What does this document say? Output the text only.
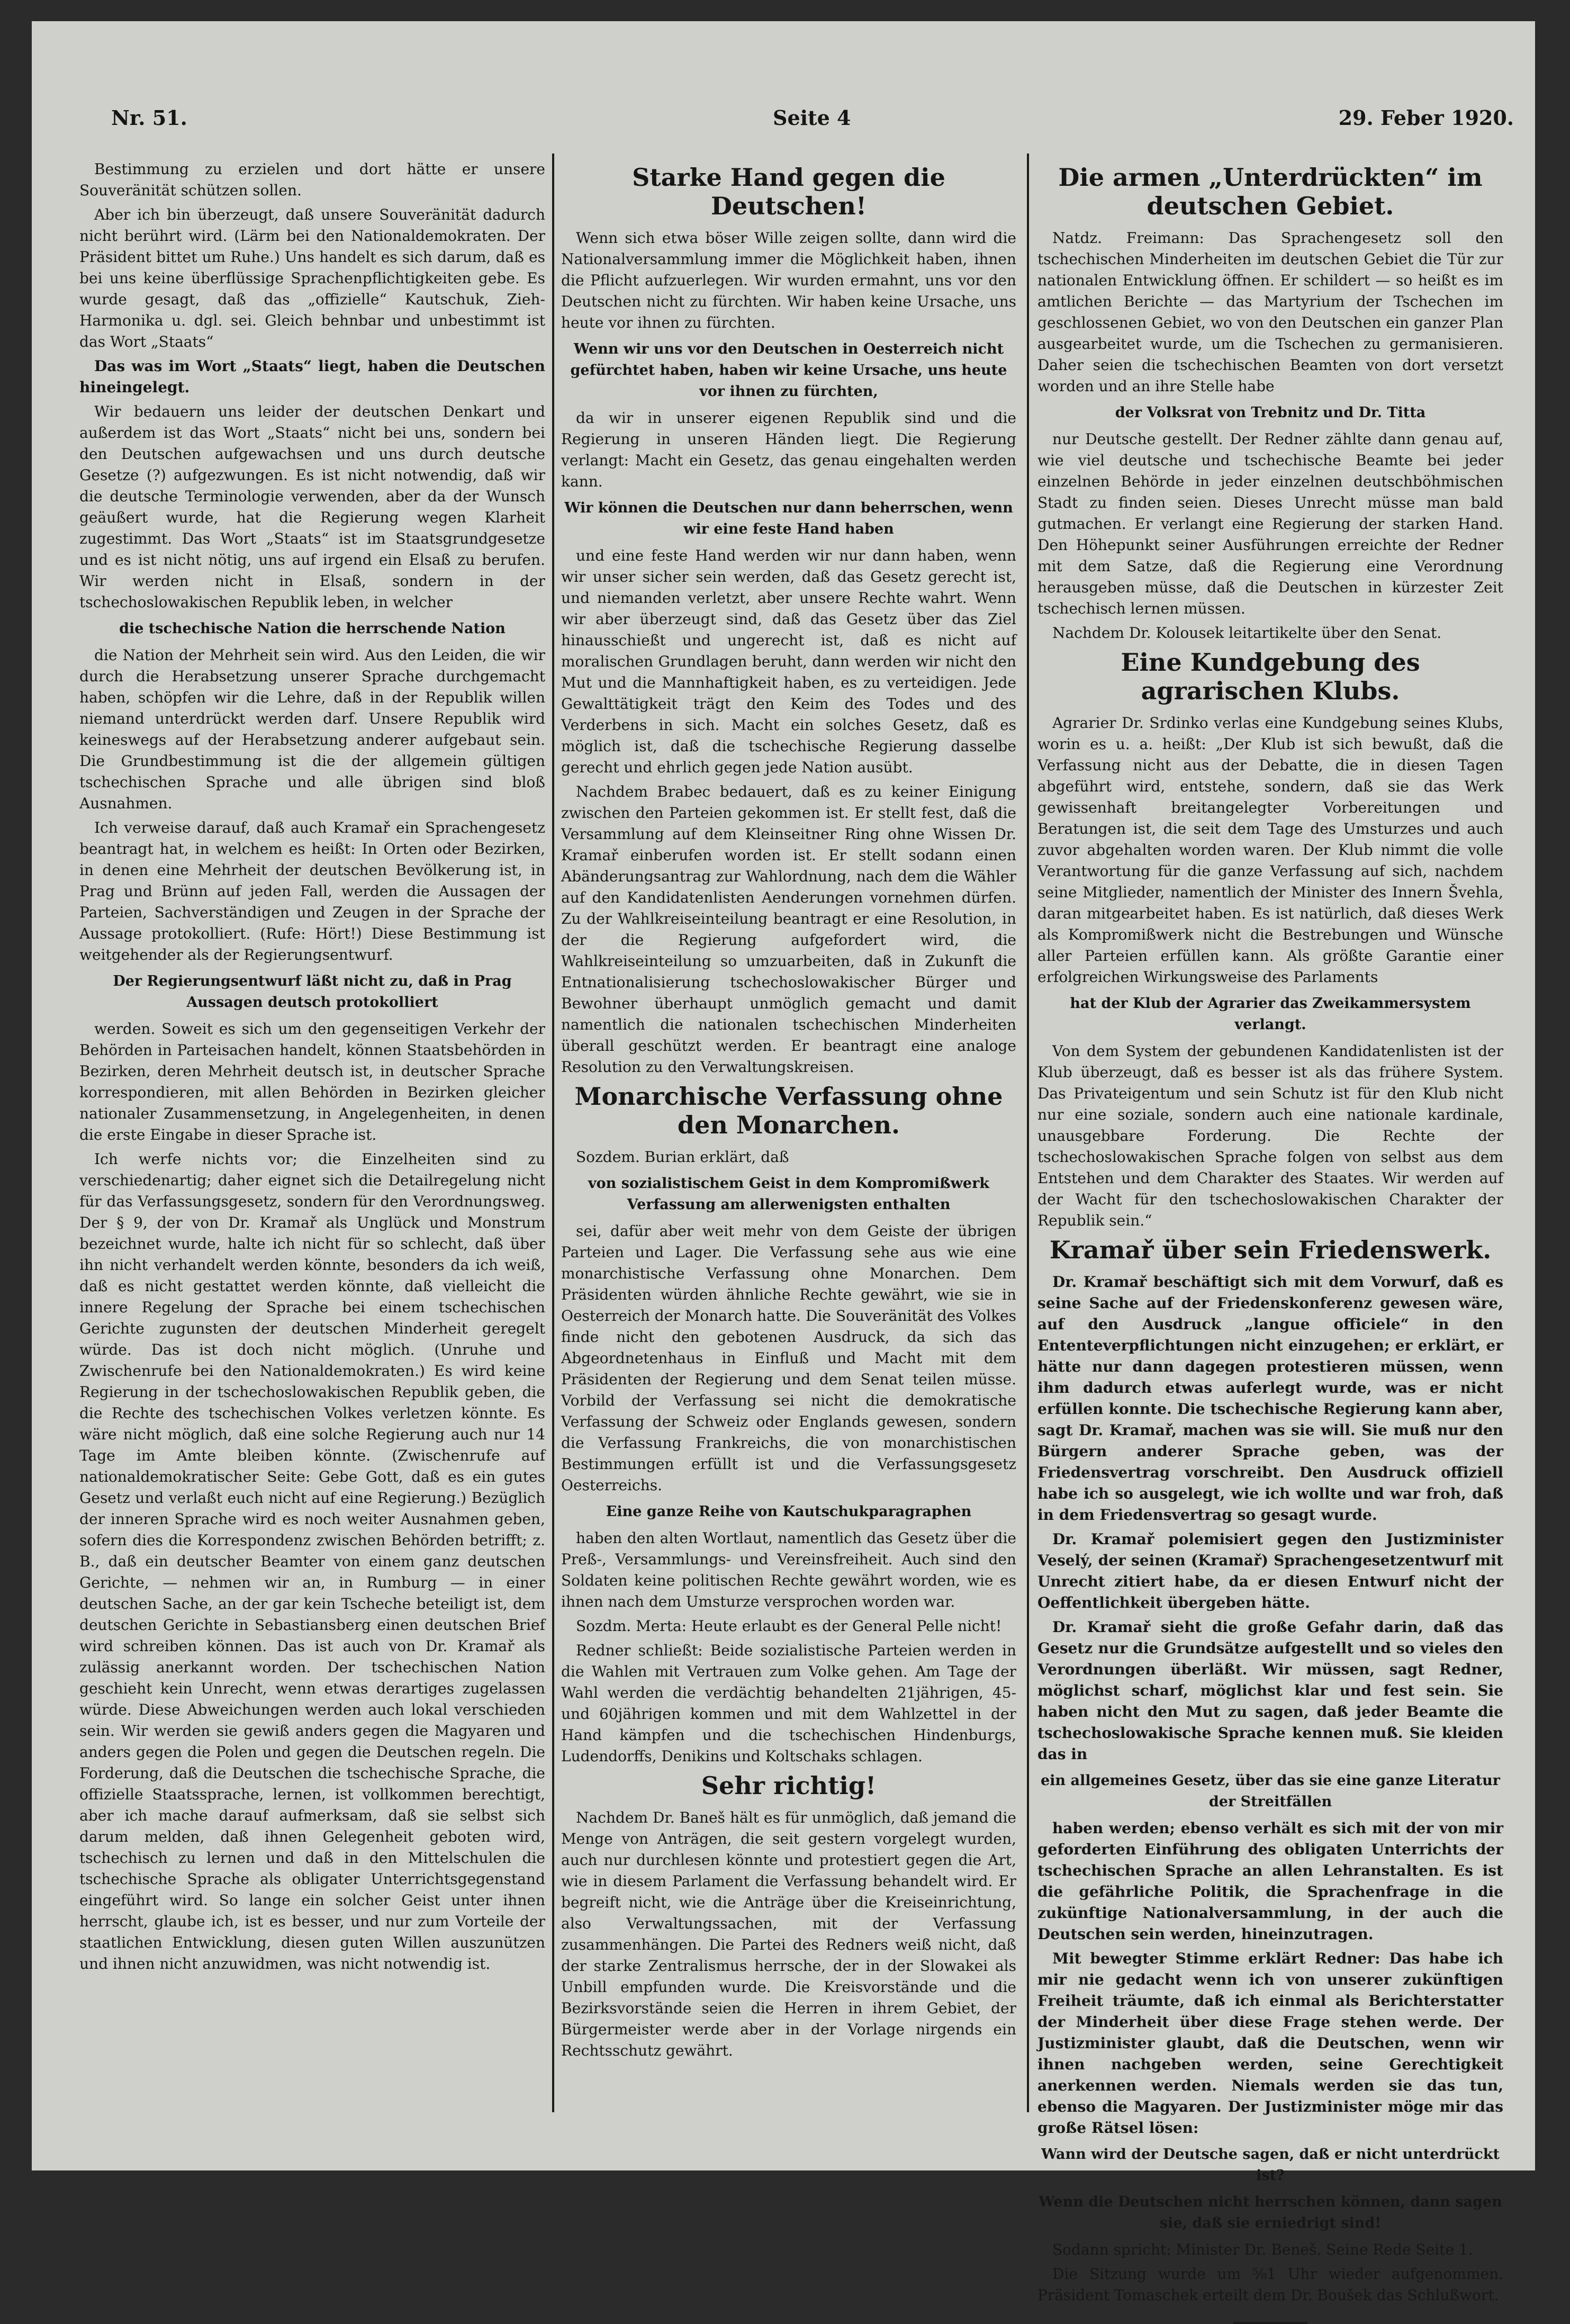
Nr. 51.	Seite 4	29. Feber 1920.

Bestimmung zu erzielen und dort hätte er unsere Souveränität schützen sollen.

Aber ich bin überzeugt, daß unsere Souveränität dadurch nicht berührt wird. (Lärm bei den Nationaldemokraten. Der Präsident bittet um Ruhe.) Uns handelt es sich darum, daß es bei uns keine überflüssige Sprachenpflichtigkeiten gebe. Es wurde gesagt, daß das „offizielle“ Kautschuk, Zieh-Harmonika u. dgl. sei. Gleich behnbar und unbestimmt ist das Wort „Staats“

Das was im Wort „Staats“ liegt, haben die Deutschen hineingelegt.

Wir bedauern uns leider der deutschen Denkart und außerdem ist das Wort „Staats“ nicht bei uns, sondern bei den Deutschen aufgewachsen und uns durch deutsche Gesetze (?) aufgezwungen. Es ist nicht notwendig, daß wir die deutsche Terminologie verwenden, aber da der Wunsch geäußert wurde, hat die Regierung wegen Klarheit zugestimmt. Das Wort „Staats“ ist im Staatsgrundgesetze und es ist nicht nötig, uns auf irgend ein Elsaß zu berufen. Wir werden nicht in Elsaß, sondern in der tschechoslowakischen Republik leben, in welcher

die tschechische Nation die herrschende Nation

die Nation der Mehrheit sein wird. Aus den Leiden, die wir durch die Herabsetzung unserer Sprache durchgemacht haben, schöpfen wir die Lehre, daß in der Republik willen niemand unterdrückt werden darf. Unsere Republik wird keineswegs auf der Herabsetzung anderer aufgebaut sein. Die Grundbestimmung ist die der allgemein gültigen tschechischen Sprache und alle übrigen sind bloß Ausnahmen.

Ich verweise darauf, daß auch Kramař ein Sprachengesetz beantragt hat, in welchem es heißt: In Orten oder Bezirken, in denen eine Mehrheit der deutschen Bevölkerung ist, in Prag und Brünn auf jeden Fall, werden die Aussagen der Parteien, Sachverständigen und Zeugen in der Sprache der Aussage protokolliert. (Rufe: Hört!) Diese Bestimmung ist weitgehender als der Regierungsentwurf.

Der Regierungsentwurf läßt nicht zu, daß in Prag Aussagen deutsch protokolliert

werden. Soweit es sich um den gegenseitigen Verkehr der Behörden in Parteisachen handelt, können Staatsbehörden in Bezirken, deren Mehrheit deutsch ist, in deutscher Sprache korrespondieren, mit allen Behörden in Bezirken gleicher nationaler Zusammensetzung, in Angelegenheiten, in denen die erste Eingabe in dieser Sprache ist.

Ich werfe nichts vor; die Einzelheiten sind zu verschiedenartig; daher eignet sich die Detailregelung nicht für das Verfassungsgesetz, sondern für den Verordnungsweg. Der § 9, der von Dr. Kramař als Unglück und Monstrum bezeichnet wurde, halte ich nicht für so schlecht, daß über ihn nicht verhandelt werden könnte, besonders da ich weiß, daß es nicht gestattet werden könnte, daß vielleicht die innere Regelung der Sprache bei einem tschechischen Gerichte zugunsten der deutschen Minderheit geregelt würde. Das ist doch nicht möglich. (Unruhe und Zwischenrufe bei den Nationaldemokraten.) Es wird keine Regierung in der tschechoslowakischen Republik geben, die die Rechte des tschechischen Volkes verletzen könnte. Es wäre nicht möglich, daß eine solche Regierung auch nur 14 Tage im Amte bleiben könnte. (Zwischenrufe auf nationaldemokratischer Seite: Gebe Gott, daß es ein gutes Gesetz und verlaßt euch nicht auf eine Regierung.) Bezüglich der inneren Sprache wird es noch weiter Ausnahmen geben, sofern dies die Korrespondenz zwischen Behörden betrifft; z. B., daß ein deutscher Beamter von einem ganz deutschen Gerichte, — nehmen wir an, in Rumburg — in einer deutschen Sache, an der gar kein Tscheche beteiligt ist, dem deutschen Gerichte in Sebastiansberg einen deutschen Brief wird schreiben können. Das ist auch von Dr. Kramař als zulässig anerkannt worden. Der tschechischen Nation geschieht kein Unrecht, wenn etwas derartiges zugelassen würde. Diese Abweichungen werden auch lokal verschieden sein. Wir werden sie gewiß anders gegen die Magyaren und anders gegen die Polen und gegen die Deutschen regeln. Die Forderung, daß die Deutschen die tschechische Sprache, die offizielle Staatssprache, lernen, ist vollkommen berechtigt, aber ich mache darauf aufmerksam, daß sie selbst sich darum melden, daß ihnen Gelegenheit geboten wird, tschechisch zu lernen und daß in den Mittelschulen die tschechische Sprache als obligater Unterrichtsgegenstand eingeführt wird. So lange ein solcher Geist unter ihnen herrscht, glaube ich, ist es besser, und nur zum Vorteile der staatlichen Entwicklung, diesen guten Willen auszunützen und ihnen nicht anzuwidmen, was nicht notwendig ist.

Starke Hand gegen die Deutschen!

Wenn sich etwa böser Wille zeigen sollte, dann wird die Nationalversammlung immer die Möglichkeit haben, ihnen die Pflicht aufzuerlegen. Wir wurden ermahnt, uns vor den Deutschen nicht zu fürchten. Wir haben keine Ursache, uns heute vor ihnen zu fürchten.

Wenn wir uns vor den Deutschen in Oesterreich nicht gefürchtet haben, haben wir keine Ursache, uns heute vor ihnen zu fürchten,

da wir in unserer eigenen Republik sind und die Regierung in unseren Händen liegt. Die Regierung verlangt: Macht ein Gesetz, das genau eingehalten werden kann.

Wir können die Deutschen nur dann beherrschen, wenn wir eine feste Hand haben

und eine feste Hand werden wir nur dann haben, wenn wir unser sicher sein werden, daß das Gesetz gerecht ist, und niemanden verletzt, aber unsere Rechte wahrt. Wenn wir aber überzeugt sind, daß das Gesetz über das Ziel hinausschießt und ungerecht ist, daß es nicht auf moralischen Grundlagen beruht, dann werden wir nicht den Mut und die Mannhaftigkeit haben, es zu verteidigen. Jede Gewalttätigkeit trägt den Keim des Todes und des Verderbens in sich. Macht ein solches Gesetz, daß es möglich ist, daß die tschechische Regierung dasselbe gerecht und ehrlich gegen jede Nation ausübt.

Nachdem Brabec bedauert, daß es zu keiner Einigung zwischen den Parteien gekommen ist. Er stellt fest, daß die Versammlung auf dem Kleinseitner Ring ohne Wissen Dr. Kramař einberufen worden ist. Er stellt sodann einen Abänderungsantrag zur Wahlordnung, nach dem die Wähler auf den Kandidatenlisten Aenderungen vornehmen dürfen. Zu der Wahlkreiseinteilung beantragt er eine Resolution, in der die Regierung aufgefordert wird, die Wahlkreiseinteilung so umzuarbeiten, daß in Zukunft die Entnationalisierung tschechoslowakischer Bürger und Bewohner überhaupt unmöglich gemacht und damit namentlich die nationalen tschechischen Minderheiten überall geschützt werden. Er beantragt eine analoge Resolution zu den Verwaltungskreisen.

Monarchische Verfassung ohne den Monarchen.

Sozdem. Burian erklärt, daß

von sozialistischem Geist in dem Kompromißwerk Verfassung am allerwenigsten enthalten

sei, dafür aber weit mehr von dem Geiste der übrigen Parteien und Lager. Die Verfassung sehe aus wie eine monarchistische Verfassung ohne Monarchen. Dem Präsidenten würden ähnliche Rechte gewährt, wie sie in Oesterreich der Monarch hatte. Die Souveränität des Volkes finde nicht den gebotenen Ausdruck, da sich das Abgeordnetenhaus in Einfluß und Macht mit dem Präsidenten der Regierung und dem Senat teilen müsse. Vorbild der Verfassung sei nicht die demokratische Verfassung der Schweiz oder Englands gewesen, sondern die Verfassung Frankreichs, die von monarchistischen Bestimmungen erfüllt ist und die Verfassungsgesetz Oesterreichs.

Eine ganze Reihe von Kautschukparagraphen

haben den alten Wortlaut, namentlich das Gesetz über die Preß-, Versammlungs- und Vereinsfreiheit. Auch sind den Soldaten keine politischen Rechte gewährt worden, wie es ihnen nach dem Umsturze versprochen worden war.

Sozdm. Merta: Heute erlaubt es der General Pelle nicht!

Redner schließt: Beide sozialistische Parteien werden in die Wahlen mit Vertrauen zum Volke gehen. Am Tage der Wahl werden die verdächtig behandelten 21jährigen, 45- und 60jährigen kommen und mit dem Wahlzettel in der Hand kämpfen und die tschechischen Hindenburgs, Ludendorffs, Denikins und Koltschaks schlagen.

Sehr richtig!

Nachdem Dr. Baneš hält es für unmöglich, daß jemand die Menge von Anträgen, die seit gestern vorgelegt wurden, auch nur durchlesen könnte und protestiert gegen die Art, wie in diesem Parlament die Verfassung behandelt wird. Er begreift nicht, wie die Anträge über die Kreiseinrichtung, also Verwaltungssachen, mit der Verfassung zusammenhängen. Die Partei des Redners weiß nicht, daß der starke Zentralismus herrsche, der in der Slowakei als Unbill empfunden wurde. Die Kreisvorstände und die Bezirksvorstände seien die Herren in ihrem Gebiet, der Bürgermeister werde aber in der Vorlage nirgends ein Rechtsschutz gewährt.

Die armen „Unterdrückten“ im deutschen Gebiet.

Natdz. Freimann: Das Sprachengesetz soll den tschechischen Minderheiten im deutschen Gebiet die Tür zur nationalen Entwicklung öffnen. Er schildert — so heißt es im amtlichen Berichte — das Martyrium der Tschechen im geschlossenen Gebiet, wo von den Deutschen ein ganzer Plan ausgearbeitet wurde, um die Tschechen zu germanisieren. Daher seien die tschechischen Beamten von dort versetzt worden und an ihre Stelle habe

der Volksrat von Trebnitz und Dr. Titta

nur Deutsche gestellt. Der Redner zählte dann genau auf, wie viel deutsche und tschechische Beamte bei jeder einzelnen Behörde in jeder einzelnen deutschböhmischen Stadt zu finden seien. Dieses Unrecht müsse man bald gutmachen. Er verlangt eine Regierung der starken Hand. Den Höhepunkt seiner Ausführungen erreichte der Redner mit dem Satze, daß die Regierung eine Verordnung herausgeben müsse, daß die Deutschen in kürzester Zeit tschechisch lernen müssen.

Nachdem Dr. Kolousek leitartikelte über den Senat.

Eine Kundgebung des agrarischen Klubs.

Agrarier Dr. Srdinko verlas eine Kundgebung seines Klubs, worin es u. a. heißt: „Der Klub ist sich bewußt, daß die Verfassung nicht aus der Debatte, die in diesen Tagen abgeführt wird, entstehe, sondern, daß sie das Werk gewissenhaft breitangelegter Vorbereitungen und Beratungen ist, die seit dem Tage des Umsturzes und auch zuvor abgehalten worden waren. Der Klub nimmt die volle Verantwortung für die ganze Verfassung auf sich, nachdem seine Mitglieder, namentlich der Minister des Innern Švehla, daran mitgearbeitet haben. Es ist natürlich, daß dieses Werk als Kompromißwerk nicht die Bestrebungen und Wünsche aller Parteien erfüllen kann. Als größte Garantie einer erfolgreichen Wirkungsweise des Parlaments

hat der Klub der Agrarier das Zweikammersystem verlangt.

Von dem System der gebundenen Kandidatenlisten ist der Klub überzeugt, daß es besser ist als das frühere System. Das Privateigentum und sein Schutz ist für den Klub nicht nur eine soziale, sondern auch eine nationale kardinale, unausgebbare Forderung. Die Rechte der tschechoslowakischen Sprache folgen von selbst aus dem Entstehen und dem Charakter des Staates. Wir werden auf der Wacht für den tschechoslowakischen Charakter der Republik sein.“

Kramař über sein Friedenswerk.

Dr. Kramař beschäftigt sich mit dem Vorwurf, daß es seine Sache auf der Friedenskonferenz gewesen wäre, auf den Ausdruck „langue officiele“ in den Ententeverpflichtungen nicht einzugehen; er erklärt, er hätte nur dann dagegen protestieren müssen, wenn ihm dadurch etwas auferlegt wurde, was er nicht erfüllen konnte. Die tschechische Regierung kann aber, sagt Dr. Kramař, machen was sie will. Sie muß nur den Bürgern anderer Sprache geben, was der Friedensvertrag vorschreibt. Den Ausdruck offiziell habe ich so ausgelegt, wie ich wollte und war froh, daß in dem Friedensvertrag so gesagt wurde.

Dr. Kramař polemisiert gegen den Justizminister Veselý, der seinen (Kramař) Sprachengesetzentwurf mit Unrecht zitiert habe, da er diesen Entwurf nicht der Oeffentlichkeit übergeben hätte.

Dr. Kramař sieht die große Gefahr darin, daß das Gesetz nur die Grundsätze aufgestellt und so vieles den Verordnungen überläßt. Wir müssen, sagt Redner, möglichst scharf, möglichst klar und fest sein. Sie haben nicht den Mut zu sagen, daß jeder Beamte die tschechoslowakische Sprache kennen muß. Sie kleiden das in

ein allgemeines Gesetz, über das sie eine ganze Literatur der Streitfällen

haben werden; ebenso verhält es sich mit der von mir geforderten Einführung des obligaten Unterrichts der tschechischen Sprache an allen Lehranstalten. Es ist die gefährliche Politik, die Sprachenfrage in die zukünftige Nationalversammlung, in der auch die Deutschen sein werden, hineinzutragen.

Mit bewegter Stimme erklärt Redner: Das habe ich mir nie gedacht wenn ich von unserer zukünftigen Freiheit träumte, daß ich einmal als Berichterstatter der Minderheit über diese Frage stehen werde. Der Justizminister glaubt, daß die Deutschen, wenn wir ihnen nachgeben werden, seine Gerechtigkeit anerkennen werden. Niemals werden sie das tun, ebenso die Magyaren. Der Justizminister möge mir das große Rätsel lösen:

Wann wird der Deutsche sagen, daß er nicht unterdrückt ist?
Wenn die Deutschen nicht herrschen können, dann sagen sie, daß sie erniedrigt sind!

Sodann spricht: Minister Dr. Beneš. Seine Rede Seite 1.

Die Sitzung wurde um ⅝1 Uhr wieder aufgenommen. Präsident Tomaschek erteilt dem Dr. Boušek das Schlußwort.
